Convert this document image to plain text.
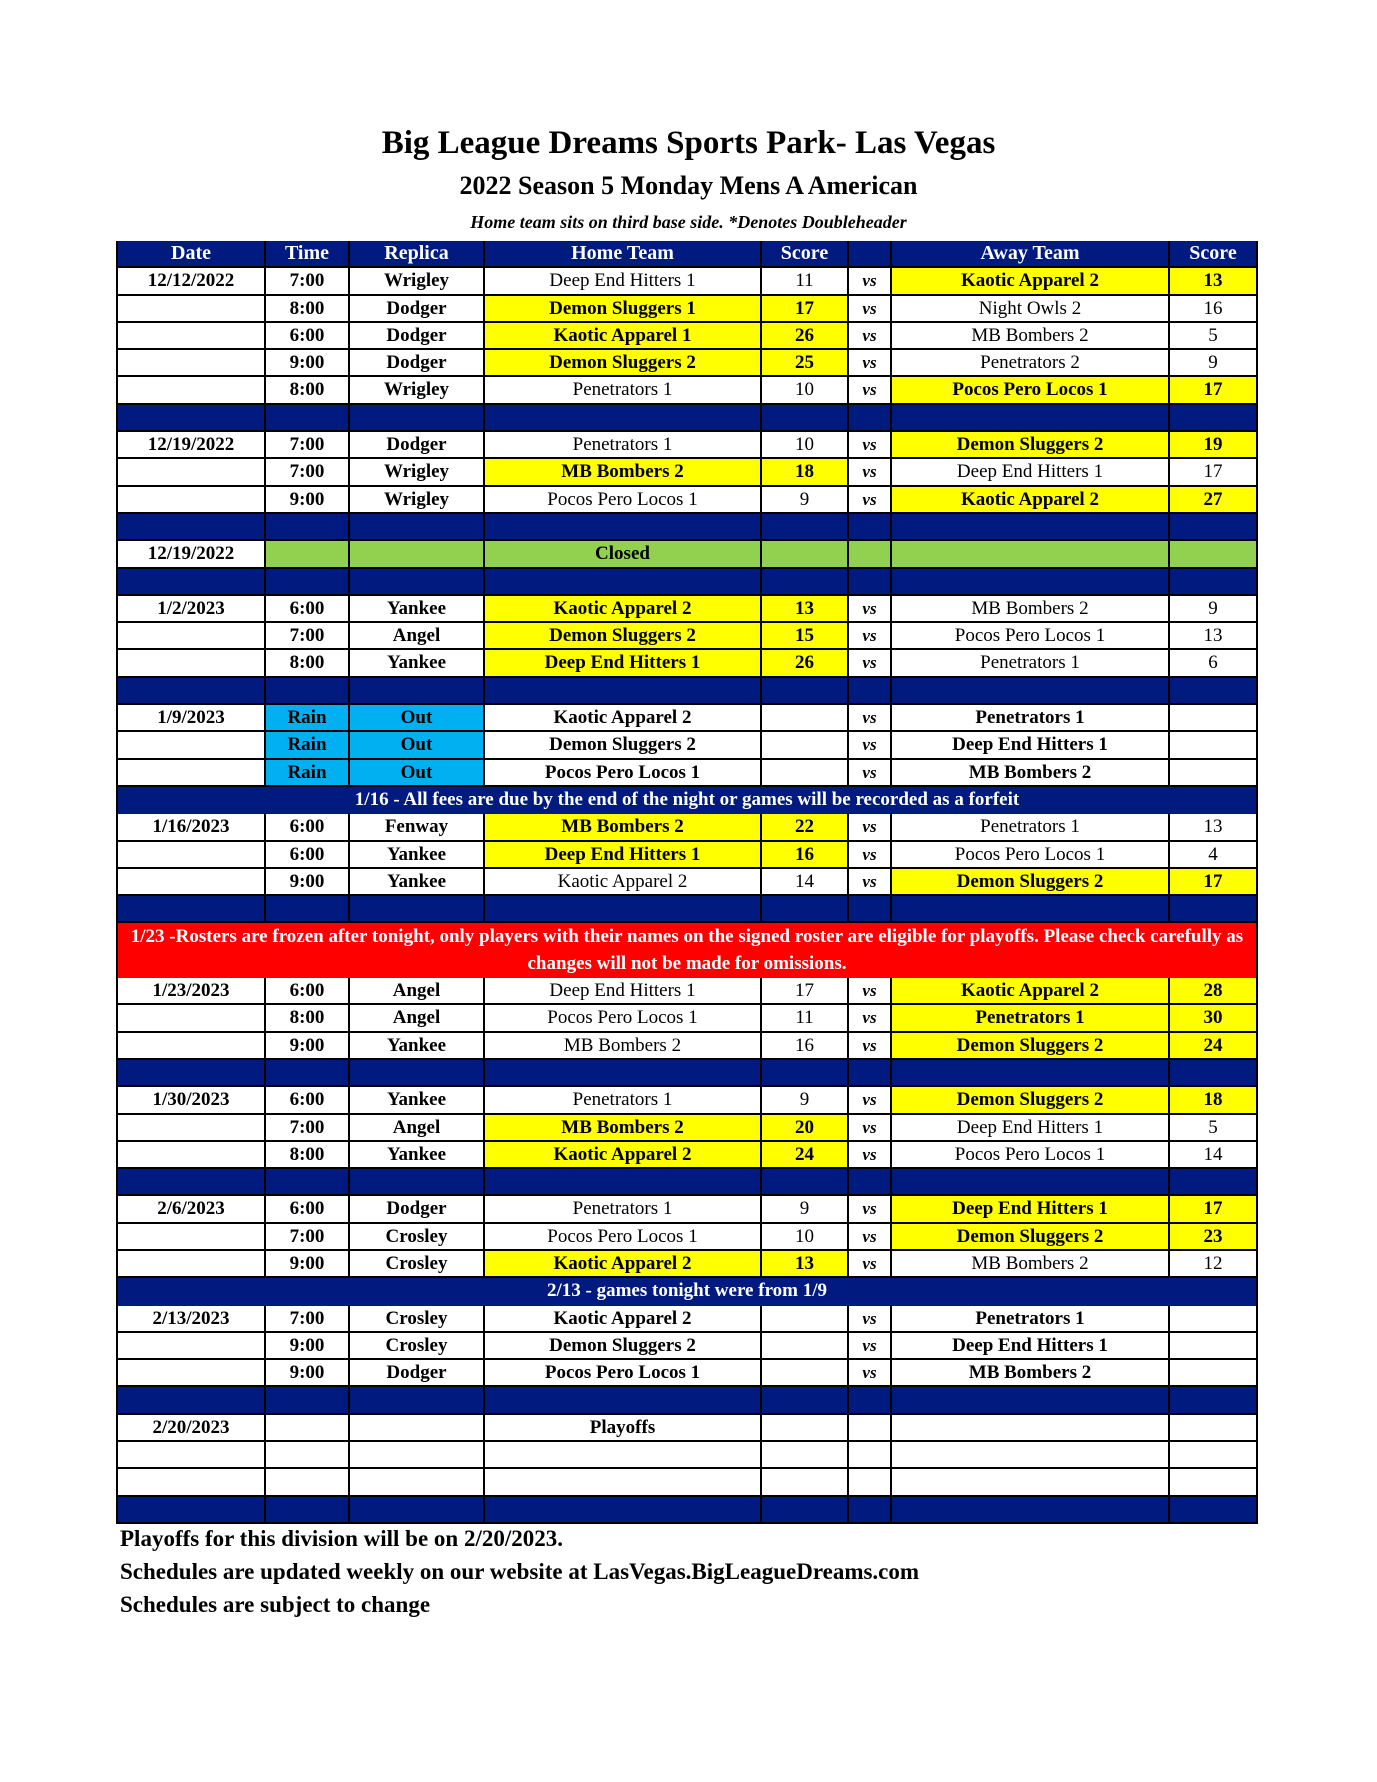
Big League Dreams Sports Park- Las Vegas
2022 Season 5 Monday Mens A American
Home team sits on third base side. *Denotes Doubleheader
Date	Time	Replica	Home Team	Score	Away Team	Score
12/12/2022	7:00	Wrigley	Deep End Hitters 1	11	vs	Kaotic Apparel 2	13
8:00	Dodger	Demon Sluggers 1	17	vs	Night Owls 2	16
6:00	Dodger	Kaotic Apparel 1	26	vs	MB Bombers 2	5
9:00	Dodger	Demon Sluggers 2	25	vs	Penetrators 2	9
8:00	Wrigley	Penetrators 1	10	vs	Pocos Pero Locos 1	17
12/19/2022	7:00	Dodger	Penetrators 1	10	vs	Demon Sluggers 2	19
7:00	Wrigley	MB Bombers 2	18	vs	Deep End Hitters 1	17
9:00	Wrigley	Pocos Pero Locos 1	9	vs	Kaotic Apparel 2	27
12/19/2022	Closed
1/2/2023	6:00	Yankee	Kaotic Apparel 2	13	vs	MB Bombers 2	9
7:00	Angel	Demon Sluggers 2	15	vs	Pocos Pero Locos 1	13
8:00	Yankee	Deep End Hitters 1	26	vs	Penetrators 1	6
1/9/2023	Rain	Out	Kaotic Apparel 2	vs	Penetrators 1
Rain	Out	Demon Sluggers 2	vs	Deep End Hitters 1
Rain	Out	Pocos Pero Locos 1	vs	MB Bombers 2
1/16 - All fees are due by the end of the night or games will be recorded as a forfeit
1/16/2023	6:00	Fenway	MB Bombers 2	22	vs	Penetrators 1	13
6:00	Yankee	Deep End Hitters 1	16	vs	Pocos Pero Locos 1	4
9:00	Yankee	Kaotic Apparel 2	14	vs	Demon Sluggers 2	17
1/23 -Rosters are frozen after tonight, only players with their names on the signed roster are eligible for playoffs. Please check carefully as changes will not be made for omissions.
1/23/2023	6:00	Angel	Deep End Hitters 1	17	vs	Kaotic Apparel 2	28
8:00	Angel	Pocos Pero Locos 1	11	vs	Penetrators 1	30
9:00	Yankee	MB Bombers 2	16	vs	Demon Sluggers 2	24
1/30/2023	6:00	Yankee	Penetrators 1	9	vs	Demon Sluggers 2	18
7:00	Angel	MB Bombers 2	20	vs	Deep End Hitters 1	5
8:00	Yankee	Kaotic Apparel 2	24	vs	Pocos Pero Locos 1	14
2/6/2023	6:00	Dodger	Penetrators 1	9	vs	Deep End Hitters 1	17
7:00	Crosley	Pocos Pero Locos 1	10	vs	Demon Sluggers 2	23
9:00	Crosley	Kaotic Apparel 2	13	vs	MB Bombers 2	12
2/13 - games tonight were from 1/9
2/13/2023	7:00	Crosley	Kaotic Apparel 2	vs	Penetrators 1
9:00	Crosley	Demon Sluggers 2	vs	Deep End Hitters 1
9:00	Dodger	Pocos Pero Locos 1	vs	MB Bombers 2
2/20/2023	Playoffs
Playoffs for this division will be on 2/20/2023.
Schedules are updated weekly on our website at LasVegas.BigLeagueDreams.com
Schedules are subject to change
